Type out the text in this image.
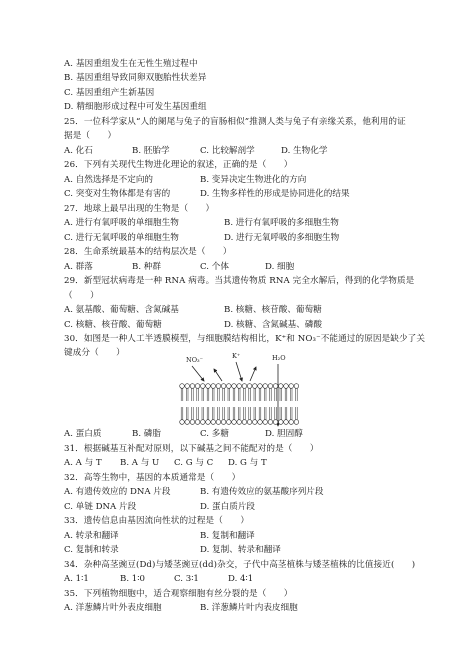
A. 基因重组发生在无性生殖过程中
B. 基因重组导致同卵双胞胎性状差异
C. 基因重组产生新基因
D. 精细胞形成过程中可发生基因重组
25．一位科学家从“人的阑尾与兔子的盲肠相似”推测人类与兔子有亲缘关系，他利用的证
据是（　　）
A. 化石	B. 胚胎学	C. 比较解剖学	D. 生物化学
26．下列有关现代生物进化理论的叙述，正确的是（　　）
A. 自然选择是不定向的	B. 变异决定生物进化的方向
C. 突变对生物体都是有害的	D. 生物多样性的形成是协同进化的结果
27．地球上最早出现的生物是（　　）
A. 进行有氧呼吸的单细胞生物	B. 进行有氧呼吸的多细胞生物
C. 进行无氧呼吸的单细胞生物	D. 进行无氧呼吸的多细胞生物
28．生命系统最基本的结构层次是（　　）
A. 群落	B. 种群	C. 个体	D. 细胞
29．新型冠状病毒是一种 RNA 病毒。当其遗传物质 RNA 完全水解后，得到的化学物质是
（　　）
A. 氨基酸、葡萄糖、含氮碱基	B. 核糖、核苷酸、葡萄糖
C. 核糖、核苷酸、葡萄糖	D. 核糖、含氮碱基、磷酸
30．如图是一种人工半透膜模型，与细胞膜结构相比，K⁺和 NO₃⁻不能通过的原因是缺少了关
键成分（　　）
NO₃⁻	K⁺	H₂O
A. 蛋白质	B. 磷脂	C. 多糖	D. 胆固醇
31．根据碱基互补配对原则，以下碱基之间不能配对的是（　　）
A. A 与 T B. A 与 U C. G 与 C D. G 与 T
32．高等生物中，基因的本质通常是（　　）
A. 有遗传效应的 DNA 片段	B. 有遗传效应的氨基酸序列片段
C. 单链 DNA 片段	D. 蛋白质片段
33．遗传信息由基因流向性状的过程是（　　）
A. 转录和翻译	B. 复制和翻译
C. 复制和转录	D. 复制、转录和翻译
34．杂种高茎豌豆(Dd)与矮茎豌豆(dd)杂交，子代中高茎植株与矮茎植株的比值接近(　　)
A. 1∶1	B. 1∶0	C. 3∶1	D. 4∶1
35．下列植物细胞中，适合观察细胞有丝分裂的是（　　）
A. 洋葱鳞片叶外表皮细胞	B. 洋葱鳞片叶内表皮细胞
